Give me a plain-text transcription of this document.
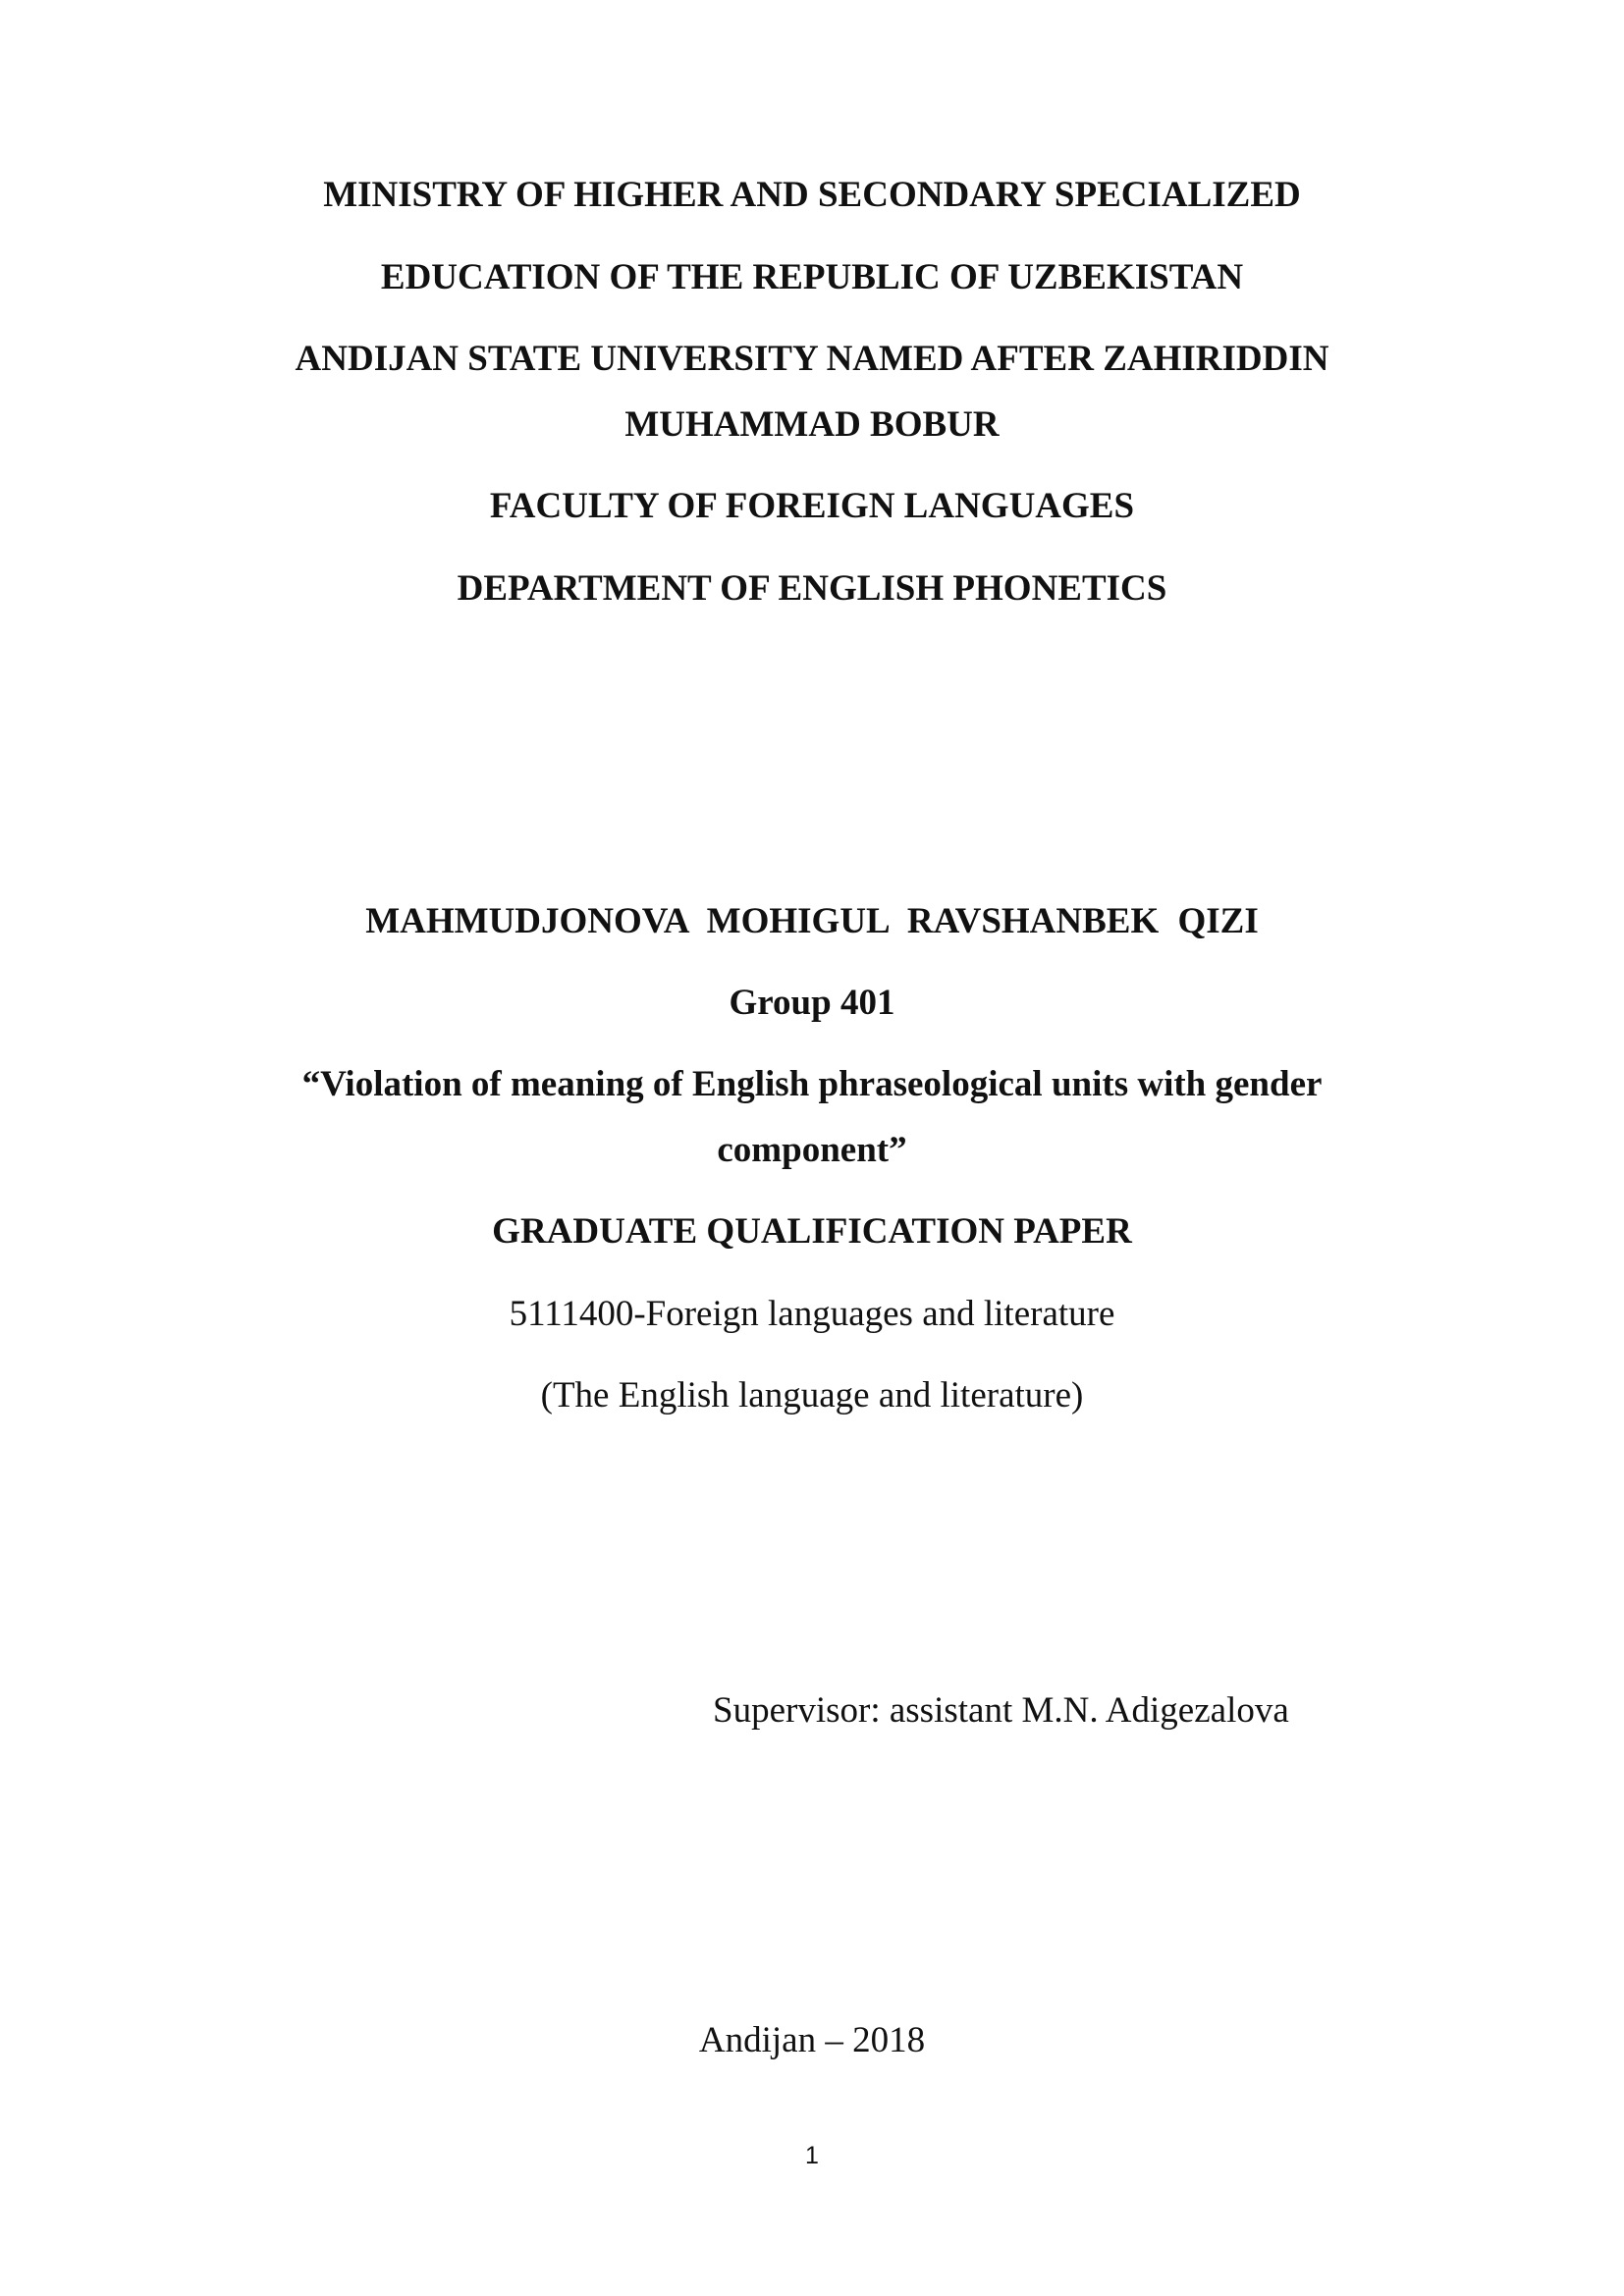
MINISTRY OF HIGHER AND SECONDARY SPECIALIZED
EDUCATION OF THE REPUBLIC OF UZBEKISTAN
ANDIJAN STATE UNIVERSITY NAMED AFTER ZAHIRIDDIN
MUHAMMAD BOBUR
FACULTY OF FOREIGN LANGUAGES
DEPARTMENT OF ENGLISH PHONETICS
MAHMUDJONOVA MOHIGUL RAVSHANBEK QIZI
Group 401
“Violation of meaning of English phraseological units with gender
component”
GRADUATE QUALIFICATION PAPER
5111400-Foreign languages and literature
(The English language and literature)
Supervisor: assistant M.N. Adigezalova
Andijan – 2018
1
